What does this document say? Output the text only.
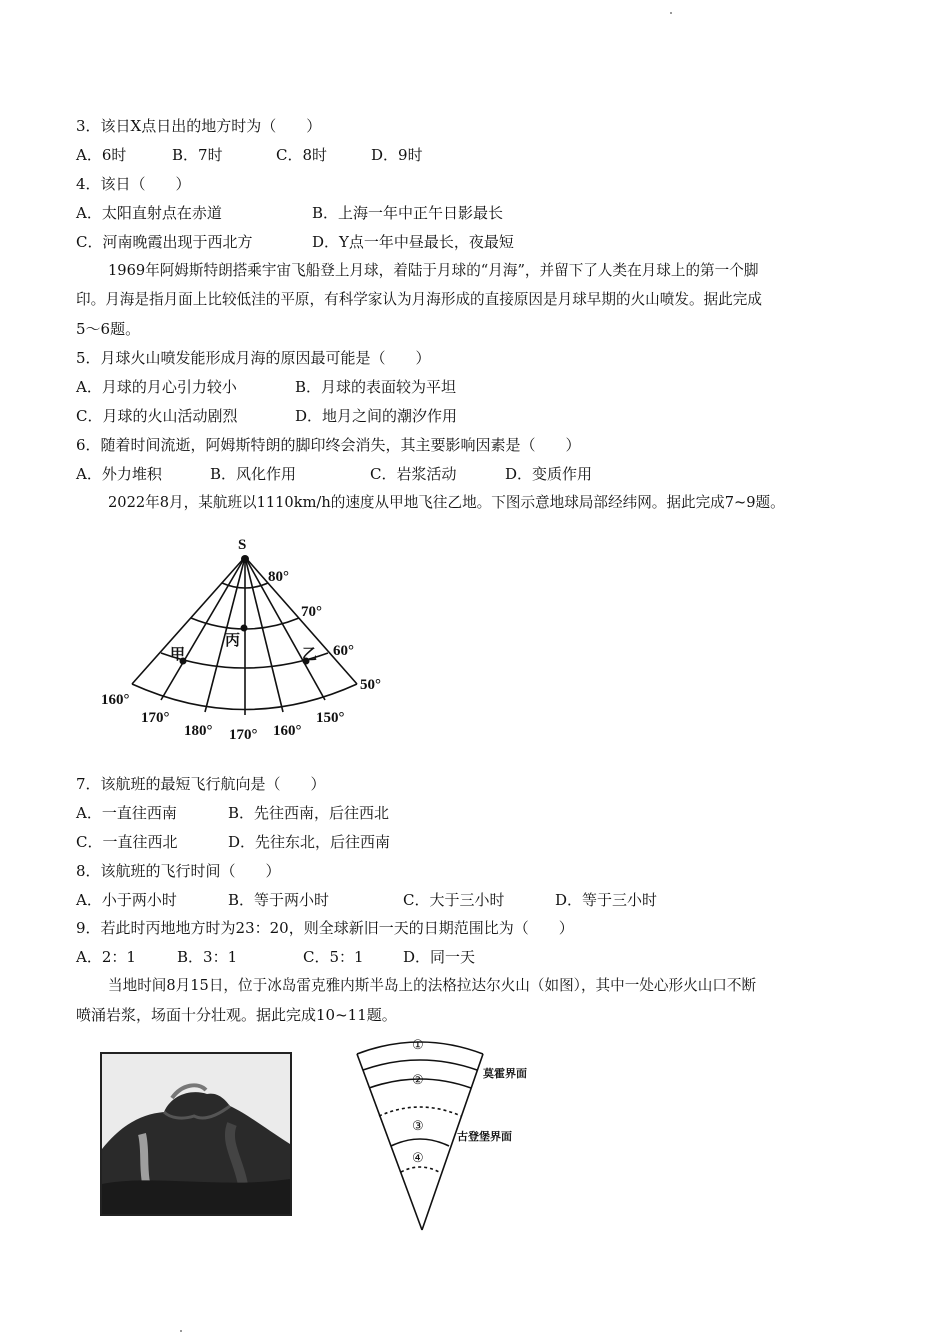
3．该日X点日出的地方时为（　　）
A．6时	B．7时	C．8时	D．9时
4．该日（　　）
A．太阳直射点在赤道	B．上海一年中正午日影最长
C．河南晚霞出现于西北方	D．Y点一年中昼最长，夜最短
1969年阿姆斯特朗搭乘宇宙飞船登上月球，着陆于月球的“月海”，并留下了人类在月球上的第一个脚
印。月海是指月面上比较低洼的平原，有科学家认为月海形成的直接原因是月球早期的火山喷发。据此完成
5～6题。
5．月球火山喷发能形成月海的原因最可能是（　　）
A．月球的月心引力较小	B．月球的表面较为平坦
C．月球的火山活动剧烈	D．地月之间的潮汐作用
6．随着时间流逝，阿姆斯特朗的脚印终会消失，其主要影响因素是（　　）
A．外力堆积	B．风化作用	C．岩浆活动	D．变质作用
2022年8月，某航班以1110km/h的速度从甲地飞往乙地。下图示意地球局部经纬网。据此完成7~9题。
S
80°
70°
60°
50°
160°
170°
180° 170° 160°
150°
甲
丙
乙
7．该航班的最短飞行航向是（　　）
A．一直往西南	B．先往西南，后往西北
C．一直往西北	D．先往东北，后往西南
8．该航班的飞行时间（　　）
A．小于两小时	B．等于两小时	C．大于三小时	D．等于三小时
9．若此时丙地地方时为23：20，则全球新旧一天的日期范围比为（　　）
A．2：1	B．3：1	C．5：1	D．同一天
当地时间8月15日，位于冰岛雷克雅内斯半岛上的法格拉达尔火山（如图），其中一处心形火山口不断
喷涌岩浆，场面十分壮观。据此完成10~11题。
①
②
③
④
莫霍界面
古登堡界面
